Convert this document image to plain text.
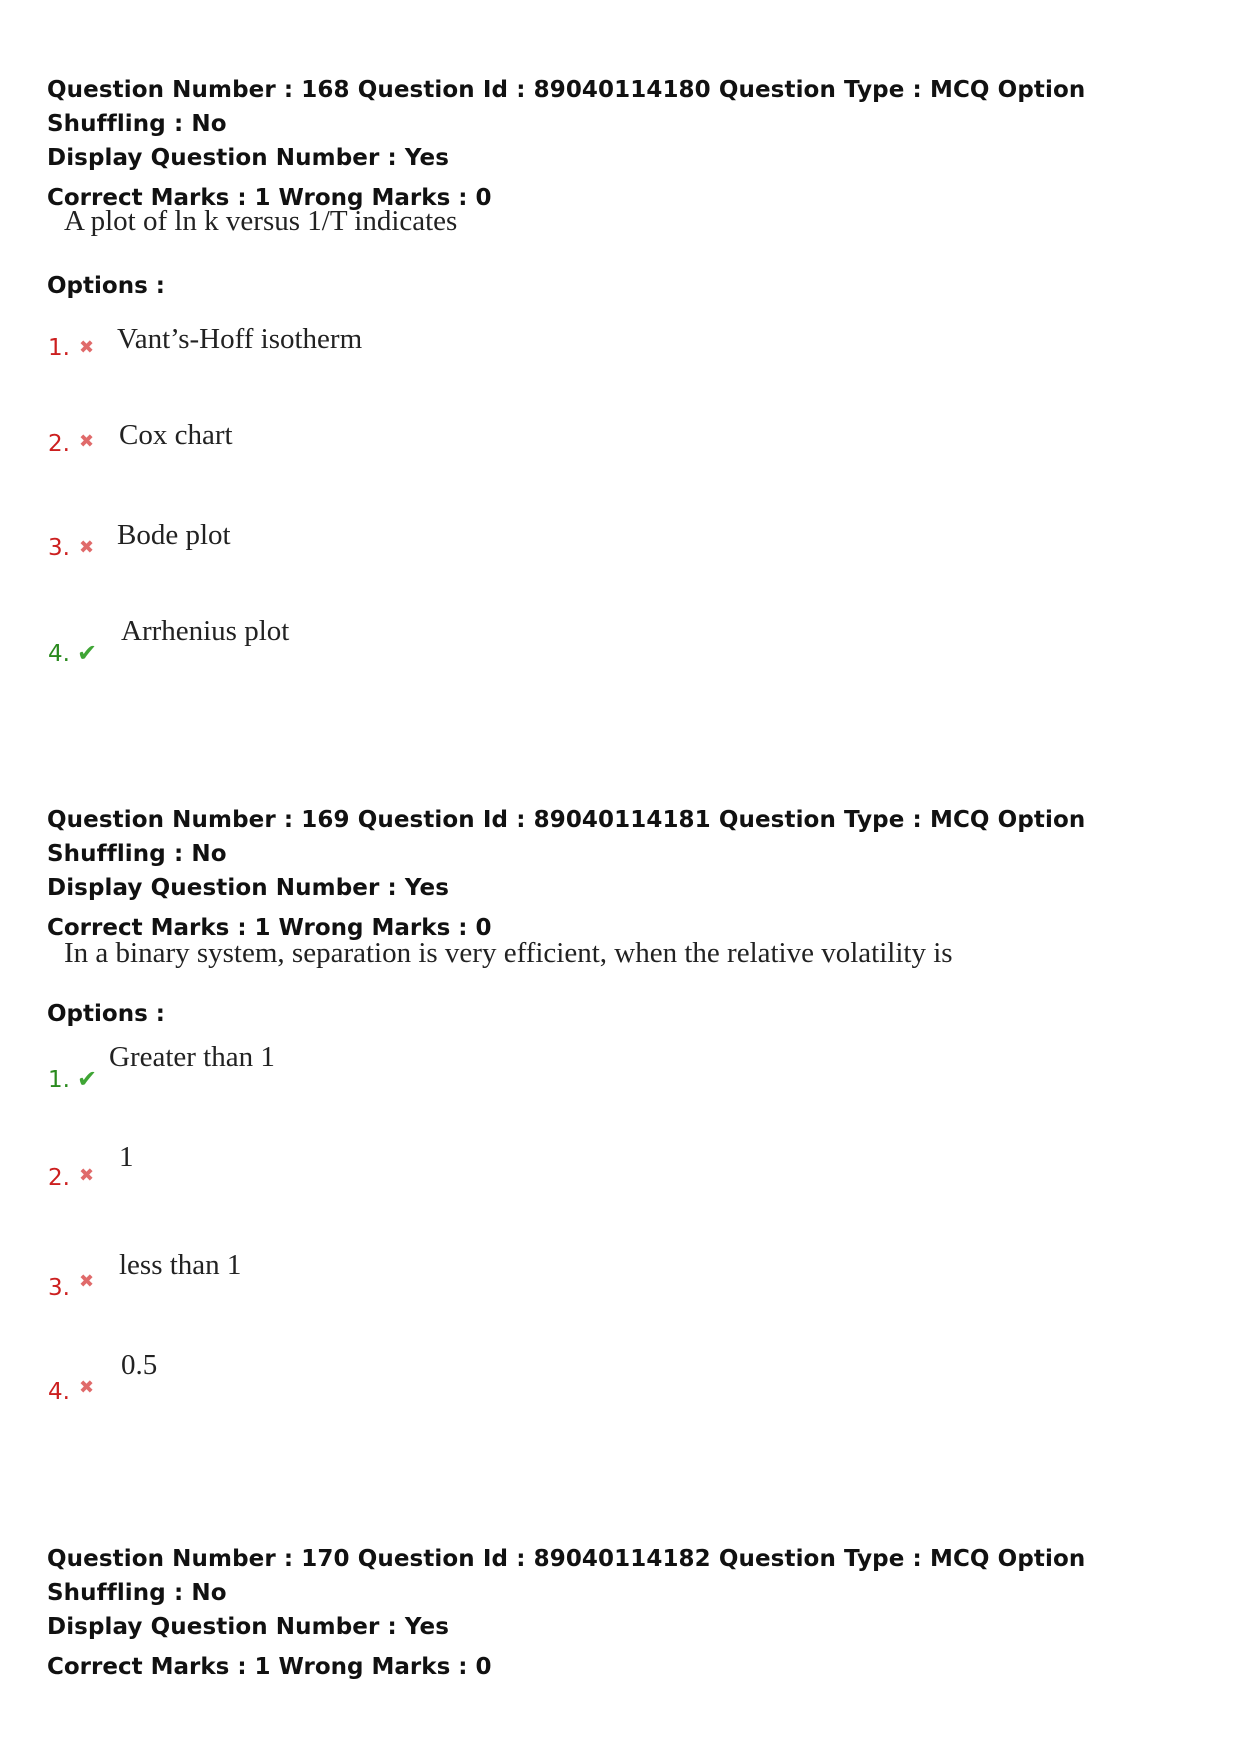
Question Number : 168 Question Id : 89040114180 Question Type : MCQ Option Shuffling : No
Display Question Number : Yes
Correct Marks : 1 Wrong Marks : 0
A plot of ln k versus 1/T indicates
Options :
1. ✖ Vant’s-Hoff isotherm
2. ✖ Cox chart
3. ✖ Bode plot
4. ✔
Arrhenius plot
Question Number : 169 Question Id : 89040114181 Question Type : MCQ Option Shuffling : No
Display Question Number : Yes
Correct Marks : 1 Wrong Marks : 0
In a binary system, separation is very efficient, when the relative volatility is
Options :
1. ✔
Greater than 1
2. ✖
1
3. ✖
less than 1
4. ✖
0.5
Question Number : 170 Question Id : 89040114182 Question Type : MCQ Option Shuffling : No
Display Question Number : Yes
Correct Marks : 1 Wrong Marks : 0
